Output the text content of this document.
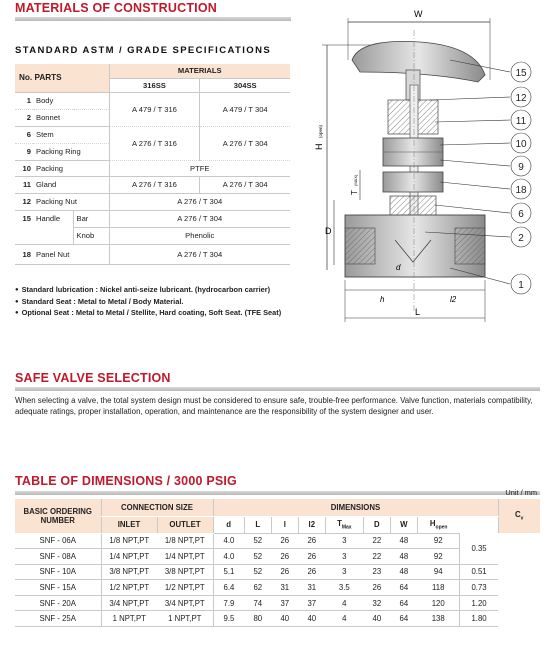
MATERIALS OF CONSTRUCTION
STANDARD ASTM / GRADE SPECIFICATIONS
No. PARTS			MATERIALS	
			316SS	304SS
1	Body		A 479 / T 316	A 479 / T 304
2	Bonnet			
6	Stem		A 276 / T 316	A 276 / T 304
9	Packing Ring			
10	Packing		PTFE	
11	Gland		A 276 / T 316	A 276 / T 304
12	Packing Nut		A 276 / T 304	
15	Handle	Bar	A 276 / T 304	
		Knob	Phenolic	
18	Panel Nut		A 276 / T 304	
● Standard lubrication : Nickel anti-seize lubricant. (hydrocarbon carrier)
● Standard Seat : Metal to Metal / Body Material.
● Optional Seat : Metal to Metal / Stellite, Hard coating, Soft Seat. (TFE Seat)
W
H
(open)
T
(MAX)
D
d
h	l2
L
15
12
11
10
9
18
6
2
1
SAFE VALVE SELECTION
When selecting a valve, the total system design must be considered to ensure safe, trouble-free performance. Valve function, materials compatibility, adequate ratings, proper installation, operation, and maintenance are the responsibility of the system designer and user.
TABLE OF DIMENSIONS / 3000 PSIG
Unit / mm
BASIC ORDERING NUMBER	CONNECTION SIZE		DIMENSIONS									$C_v$
	INLET	OUTLET	d	L	l	l2	$T_{Max}$	D	W	$H_{open}$
SNF - 06A	1/8 NPT,PT	1/8 NPT,PT	4.0	52	26	26	3	22	48	92	0.35	
SNF - 08A	1/4 NPT,PT	1/4 NPT,PT	4.0	52	26	26	3	22	48	92	
SNF - 10A	3/8 NPT,PT	3/8 NPT,PT	5.1	52	26	26	3	23	48	94	0.51	
SNF - 15A	1/2 NPT,PT	1/2 NPT,PT	6.4	62	31	31	3.5	26	64	118	0.73	
SNF - 20A	3/4 NPT,PT	3/4 NPT,PT	7.9	74	37	37	4	32	64	120	1.20	
SNF - 25A	1 NPT,PT	1 NPT,PT	9.5	80	40	40	4	40	64	138	1.80	
